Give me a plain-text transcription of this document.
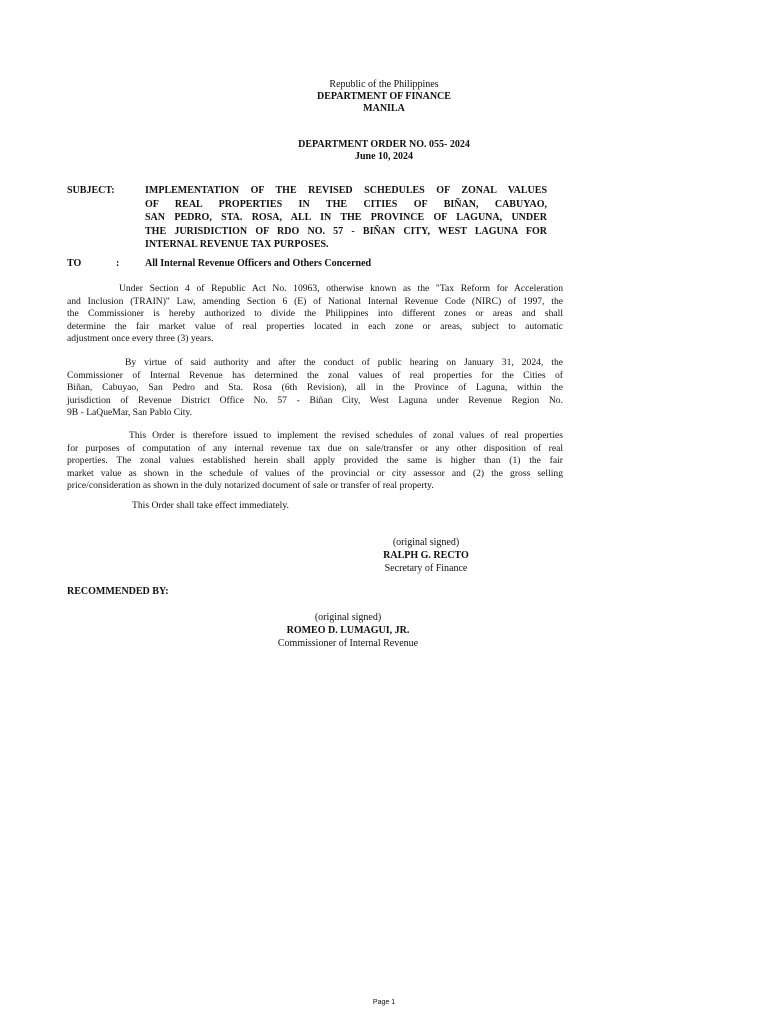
Republic of the Philippines
DEPARTMENT OF FINANCE
MANILA
DEPARTMENT ORDER NO. 055- 2024
June 10, 2024
SUBJECT:	IMPLEMENTATION OF THE REVISED SCHEDULES OF ZONAL VALUES
OF REAL PROPERTIES IN THE CITIES OF BIÑAN, CABUYAO,
SAN PEDRO, STA. ROSA, ALL IN THE PROVINCE OF LAGUNA, UNDER
THE JURISDICTION OF RDO NO. 57 - BIÑAN CITY, WEST LAGUNA FOR
INTERNAL REVENUE TAX PURPOSES.
TO	:	All Internal Revenue Officers and Others Concerned
Under Section 4 of Republic Act No. 10963, otherwise known as the "Tax Reform for Acceleration
and Inclusion (TRAIN)" Law, amending Section 6 (E) of National Internal Revenue Code (NIRC) of 1997, the
the Commissioner is hereby authorized to divide the Philippines into different zones or areas and shall
determine the fair market value of real properties located in each zone or areas, subject to automatic
adjustment once every three (3) years.
By virtue of said authority and after the conduct of public hearing on January 31, 2024, the
Commissioner of Internal Revenue has determined the zonal values of real properties for the Cities of
Biñan, Cabuyao, San Pedro and Sta. Rosa (6th Revision), all in the Province of Laguna, within the
jurisdiction of Revenue District Office No. 57 - Biñan City, West Laguna under Revenue Region No.
9B - LaQueMar, San Pablo City.
This Order is therefore issued to implement the revised schedules of zonal values of real properties
for purposes of computation of any internal revenue tax due on sale/transfer or any other disposition of real
properties. The zonal values established herein shall apply provided the same is higher than (1) the fair
market value as shown in the schedule of values of the provincial or city assessor and (2) the gross selling
price/consideration as shown in the duly notarized document of sale or transfer of real property.
This Order shall take effect immediately.
(original signed)
RALPH G. RECTO
Secretary of Finance
RECOMMENDED BY:
(original signed)
ROMEO D. LUMAGUI, JR.
Commissioner of Internal Revenue
Page 1
